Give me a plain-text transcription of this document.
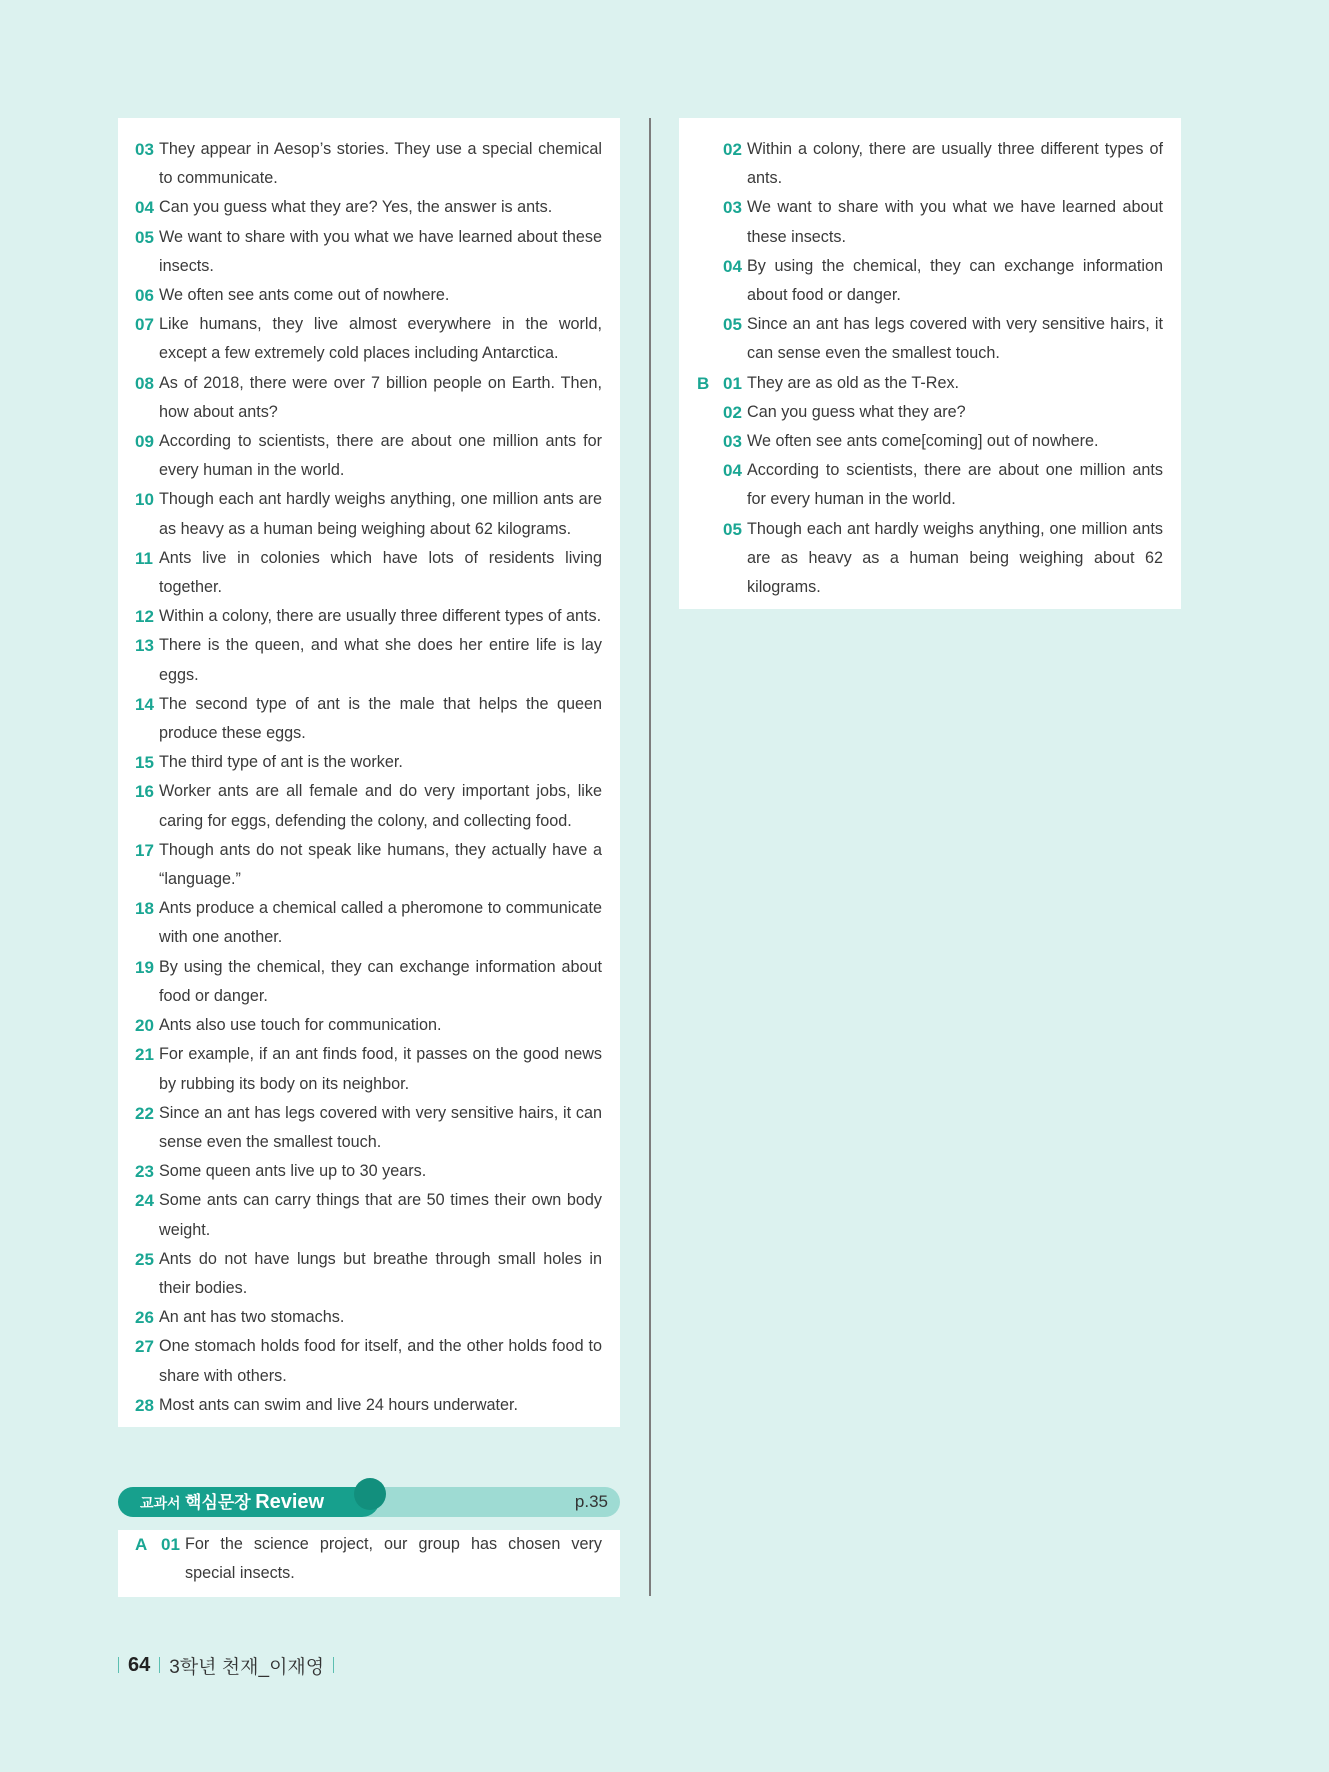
03 They appear in Aesop’s stories. They use a special chemical to communicate.
04 Can you guess what they are? Yes, the answer is ants.
05 We want to share with you what we have learned about these insects.
06 We often see ants come out of nowhere.
07 Like humans, they live almost everywhere in the world, except a few extremely cold places including Antarctica.
08 As of 2018, there were over 7 billion people on Earth. Then, how about ants?
09 According to scientists, there are about one million ants for every human in the world.
10 Though each ant hardly weighs anything, one million ants are as heavy as a human being weighing about 62 kilograms.
11 Ants live in colonies which have lots of residents living together.
12 Within a colony, there are usually three different types of ants.
13 There is the queen, and what she does her entire life is lay eggs.
14 The second type of ant is the male that helps the queen produce these eggs.
15 The third type of ant is the worker.
16 Worker ants are all female and do very important jobs, like caring for eggs, defending the colony, and collecting food.
17 Though ants do not speak like humans, they actually have a “language.”
18 Ants produce a chemical called a pheromone to communicate with one another.
19 By using the chemical, they can exchange information about food or danger.
20 Ants also use touch for communication.
21 For example, if an ant finds food, it passes on the good news by rubbing its body on its neighbor.
22 Since an ant has legs covered with very sensitive hairs, it can sense even the smallest touch.
23 Some queen ants live up to 30 years.
24 Some ants can carry things that are 50 times their own body weight.
25 Ants do not have lungs but breathe through small holes in their bodies.
26 An ant has two stomachs.
27 One stomach holds food for itself, and the other holds food to share with others.
28 Most ants can swim and live 24 hours underwater.
02 Within a colony, there are usually three different types of ants.
03 We want to share with you what we have learned about these insects.
04 By using the chemical, they can exchange information about food or danger.
05 Since an ant has legs covered with very sensitive hairs, it can sense even the smallest touch.
B 01 They are as old as the T-Rex.
02 Can you guess what they are?
03 We often see ants come[coming] out of nowhere.
04 According to scientists, there are about one million ants for every human in the world.
05 Though each ant hardly weighs anything, one million ants are as heavy as a human being weighing about 62 kilograms.
교과서 핵심문장 Review	p.35
A 01 For the science project, our group has chosen very special insects.
64 3학년 천재_이재영
